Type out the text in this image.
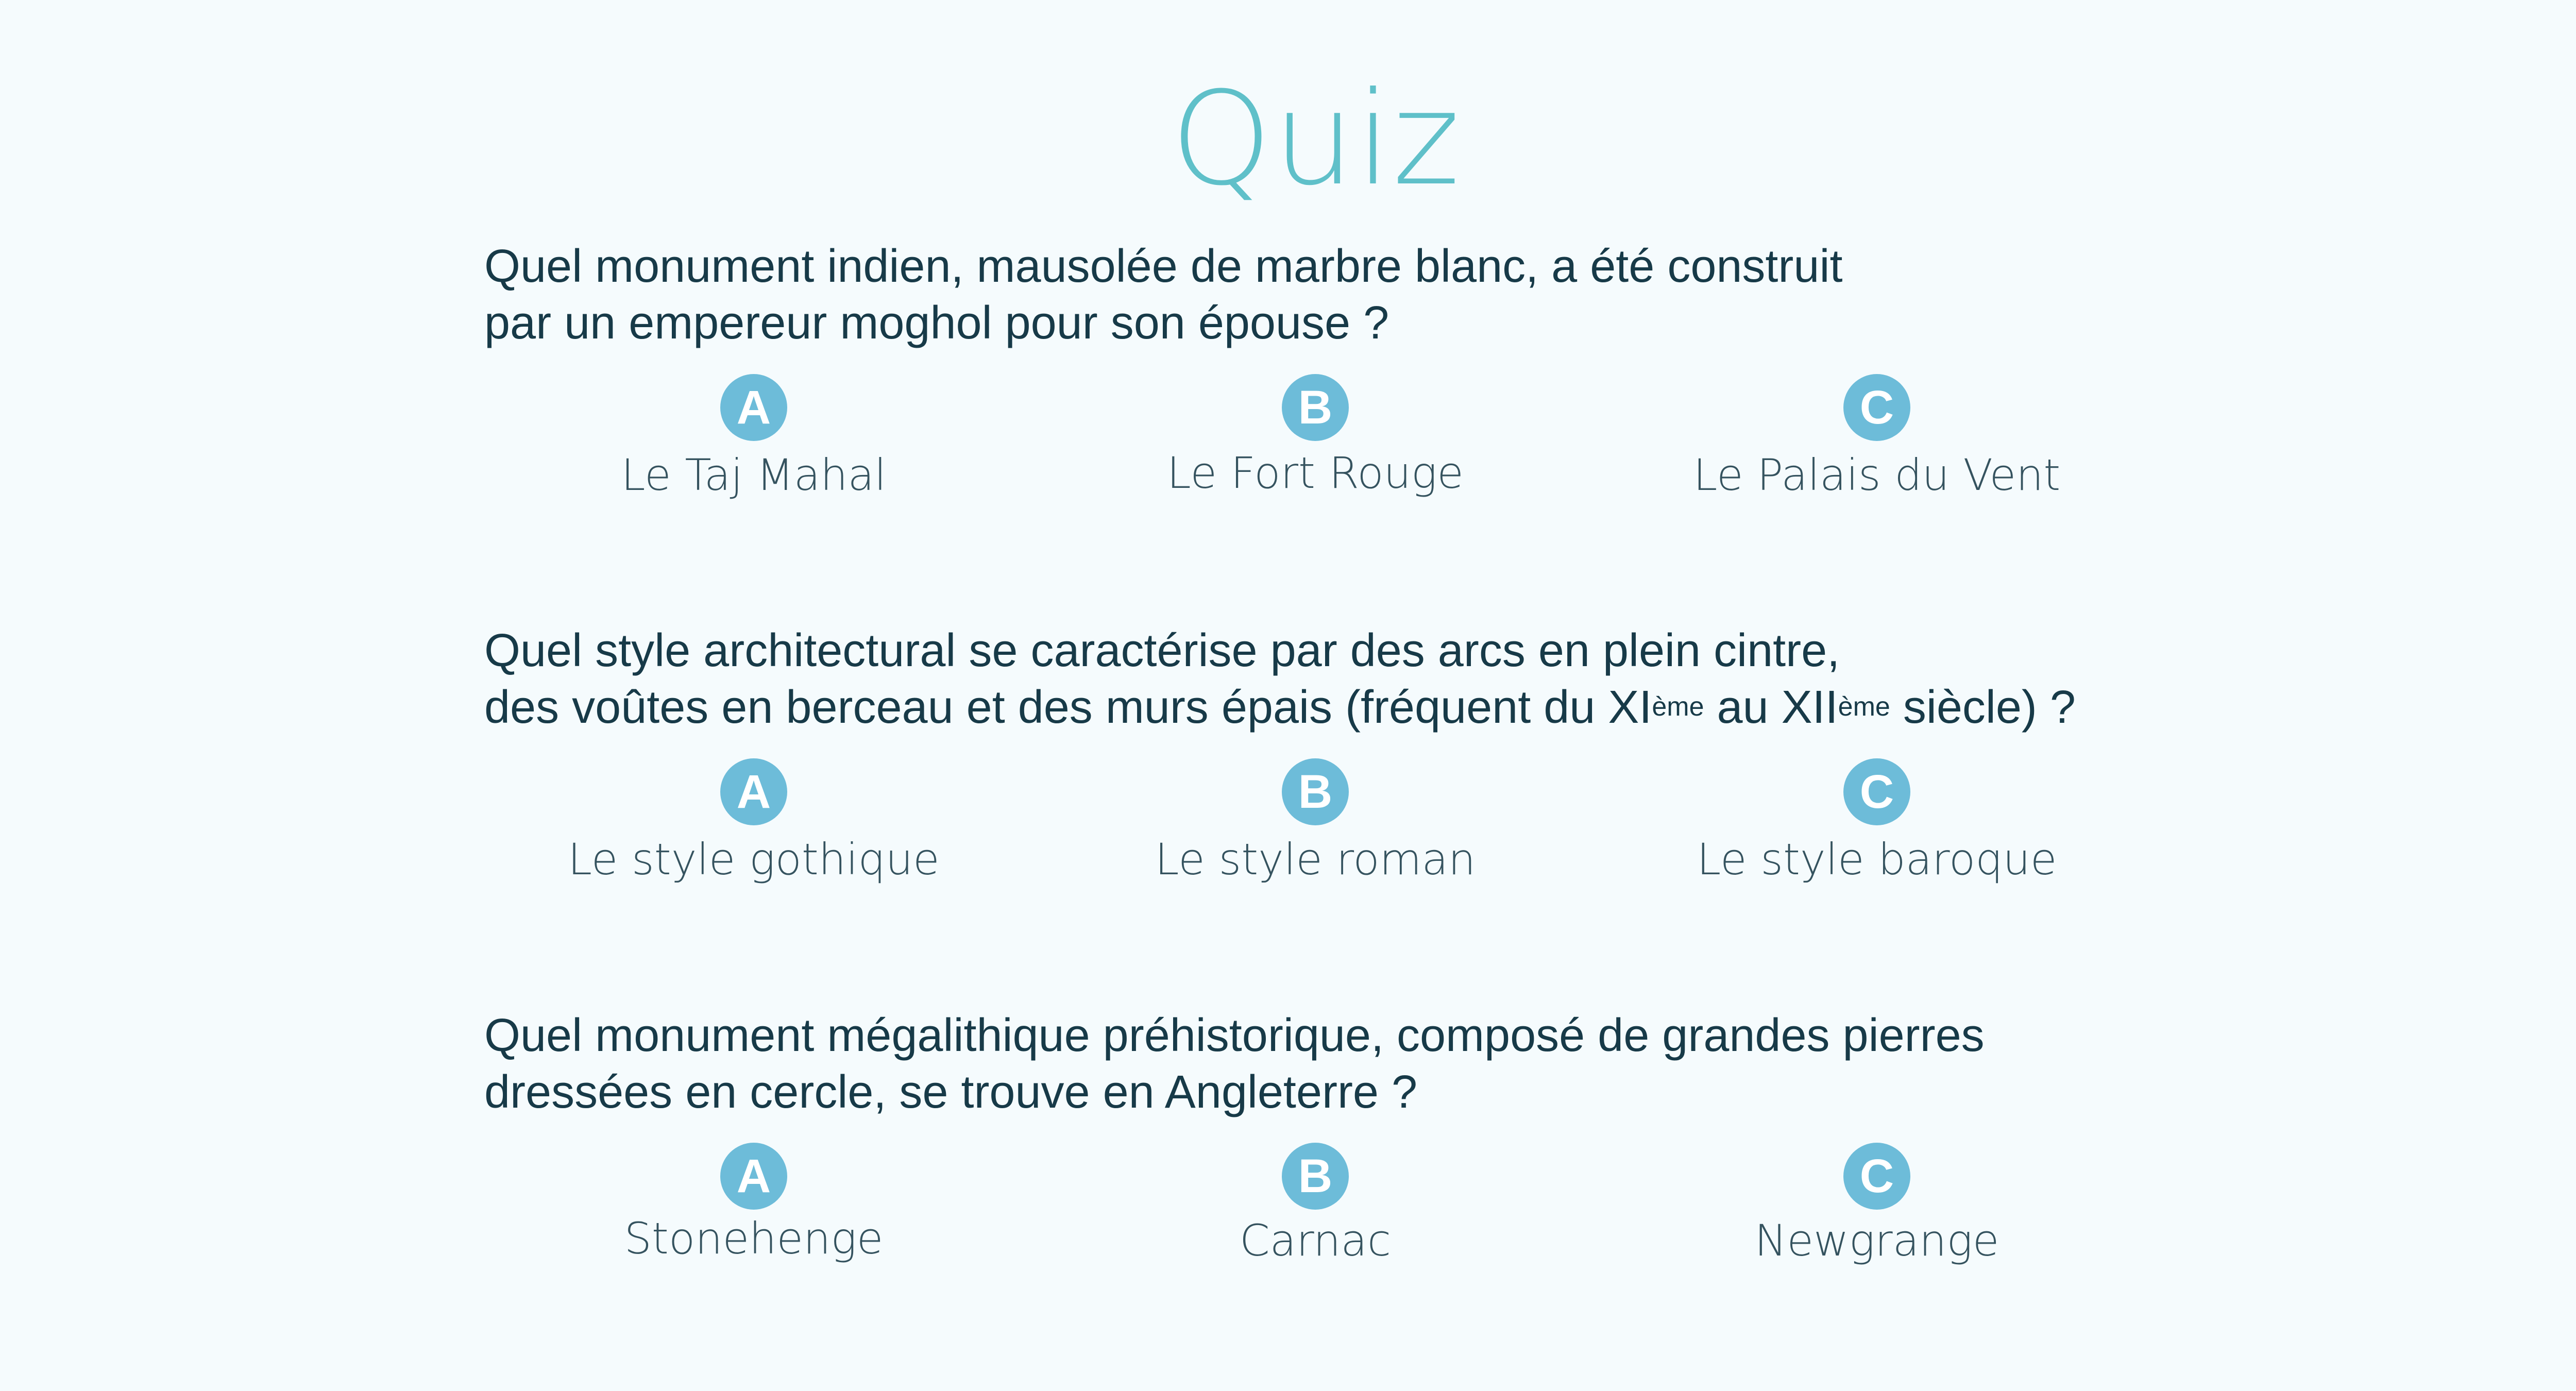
Quiz
Quel monument indien, mausolée de marbre blanc, a été construit
par un empereur moghol pour son épouse ?
A
Le Taj Mahal
B
Le Fort Rouge
C
Le Palais du Vent
Quel style architectural se caractérise par des arcs en plein cintre,
des voûtes en berceau et des murs épais (fréquent du XIème au XIIème siècle) ?
A
Le style gothique
B
Le style roman
C
Le style baroque
Quel monument mégalithique préhistorique, composé de grandes pierres
dressées en cercle, se trouve en Angleterre ?
A
Stonehenge
B
Carnac
C
Newgrange
